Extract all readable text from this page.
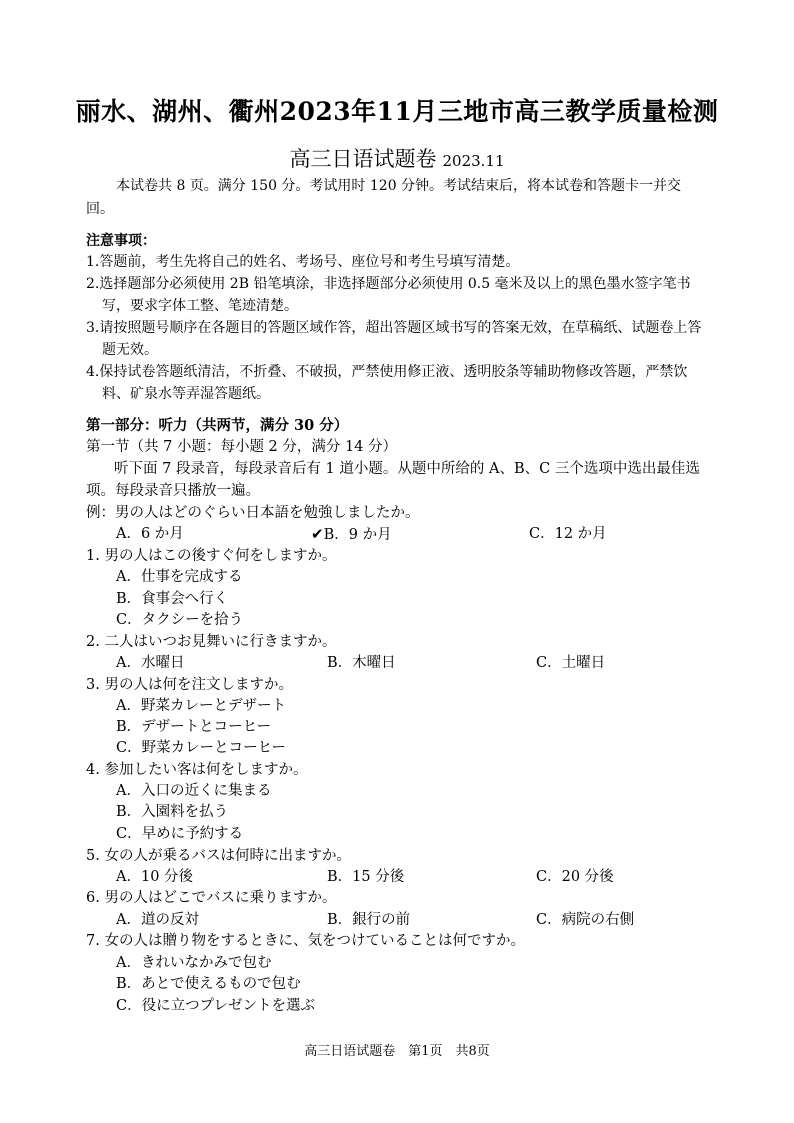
丽水、湖州、衢州2023年11月三地市高三教学质量检测
高三日语试题卷 2023.11
本试卷共 8 页。满分 150 分。考试用时 120 分钟。考试结束后，将本试卷和答题卡一并交回。
注意事项：
1.答题前，考生先将自己的姓名、考场号、座位号和考生号填写清楚。
2.选择题部分必须使用 2B 铅笔填涂，非选择题部分必须使用 0.5 毫米及以上的黑色墨水签字笔书写，要求字体工整、笔迹清楚。
3.请按照题号顺序在各题目的答题区域作答，超出答题区域书写的答案无效，在草稿纸、试题卷上答题无效。
4.保持试卷答题纸清洁，不折叠、不破损，严禁使用修正液、透明胶条等辅助物修改答题，严禁饮料、矿泉水等弄湿答题纸。
第一部分：听力（共两节，满分 30 分）
第一节（共 7 小题：每小题 2 分，满分 14 分）
听下面 7 段录音，每段录音后有 1 道小题。从题中所给的 A、B、C 三个选项中选出最佳选项。每段录音只播放一遍。
例：男の人はどのぐらい日本語を勉強しましたか。
A．6 か月	✔B．9 か月	C．12 か月
1. 男の人はこの後すぐ何をしますか。
A．仕事を完成する
B．食事会へ行く
C．タクシーを拾う
2. 二人はいつお見舞いに行きますか。
A．水曜日	B．木曜日	C．土曜日
3. 男の人は何を注文しますか。
A．野菜カレーとデザート
B．デザートとコーヒー
C．野菜カレーとコーヒー
4. 参加したい客は何をしますか。
A．入口の近くに集まる
B．入園料を払う
C．早めに予約する
5. 女の人が乗るバスは何時に出ますか。
A．10 分後	B．15 分後	C．20 分後
6. 男の人はどこでバスに乗りますか。
A．道の反対	B．銀行の前	C．病院の右側
7. 女の人は贈り物をするときに、気をつけていることは何ですか。
A．きれいなかみで包む
B．あとで使えるもので包む
C．役に立つプレゼントを選ぶ
高三日语试题卷　第1页　共8页
